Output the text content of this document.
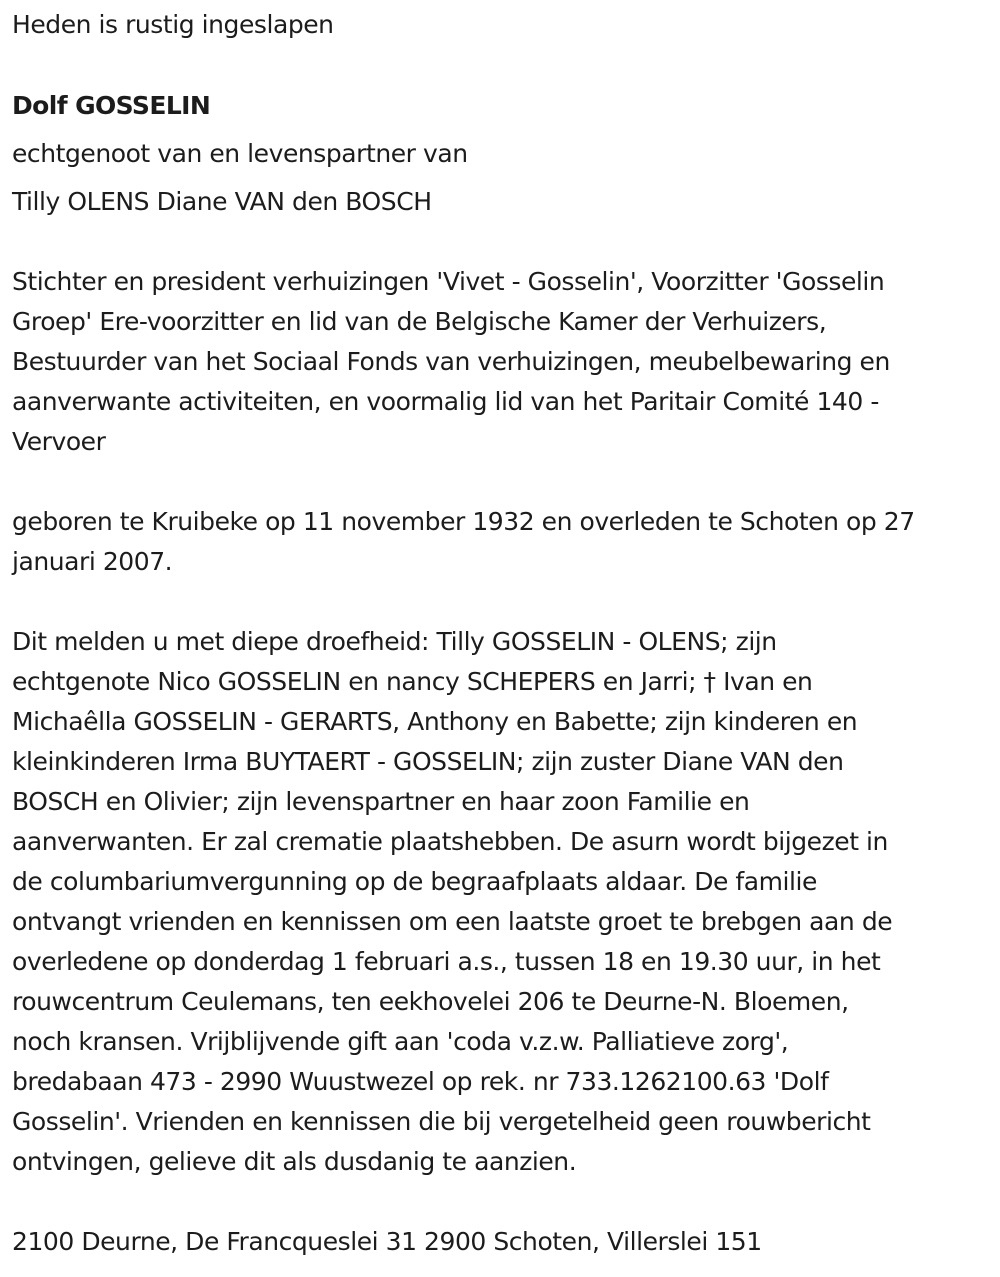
Heden is rustig ingeslapen
Dolf GOSSELIN
echtgenoot van en levenspartner van
Tilly OLENS Diane VAN den BOSCH
Stichter en president verhuizingen 'Vivet - Gosselin', Voorzitter 'Gosselin
Groep' Ere-voorzitter en lid van de Belgische Kamer der Verhuizers,
Bestuurder van het Sociaal Fonds van verhuizingen, meubelbewaring en
aanverwante activiteiten, en voormalig lid van het Paritair Comité 140 -
Vervoer
geboren te Kruibeke op 11 november 1932 en overleden te Schoten op 27
januari 2007.
Dit melden u met diepe droefheid: Tilly GOSSELIN - OLENS; zijn
echtgenote Nico GOSSELIN en nancy SCHEPERS en Jarri; † Ivan en
Michaêlla GOSSELIN - GERARTS, Anthony en Babette; zijn kinderen en
kleinkinderen Irma BUYTAERT - GOSSELIN; zijn zuster Diane VAN den
BOSCH en Olivier; zijn levenspartner en haar zoon Familie en
aanverwanten. Er zal crematie plaatshebben. De asurn wordt bijgezet in
de columbariumvergunning op de begraafplaats aldaar. De familie
ontvangt vrienden en kennissen om een laatste groet te brebgen aan de
overledene op donderdag 1 februari a.s., tussen 18 en 19.30 uur, in het
rouwcentrum Ceulemans, ten eekhovelei 206 te Deurne-N. Bloemen,
noch kransen. Vrijblijvende gift aan 'coda v.z.w. Palliatieve zorg',
bredabaan 473 - 2990 Wuustwezel op rek. nr 733.1262100.63 'Dolf
Gosselin'. Vrienden en kennissen die bij vergetelheid geen rouwbericht
ontvingen, gelieve dit als dusdanig te aanzien.
2100 Deurne, De Francqueslei 31 2900 Schoten, Villerslei 151
